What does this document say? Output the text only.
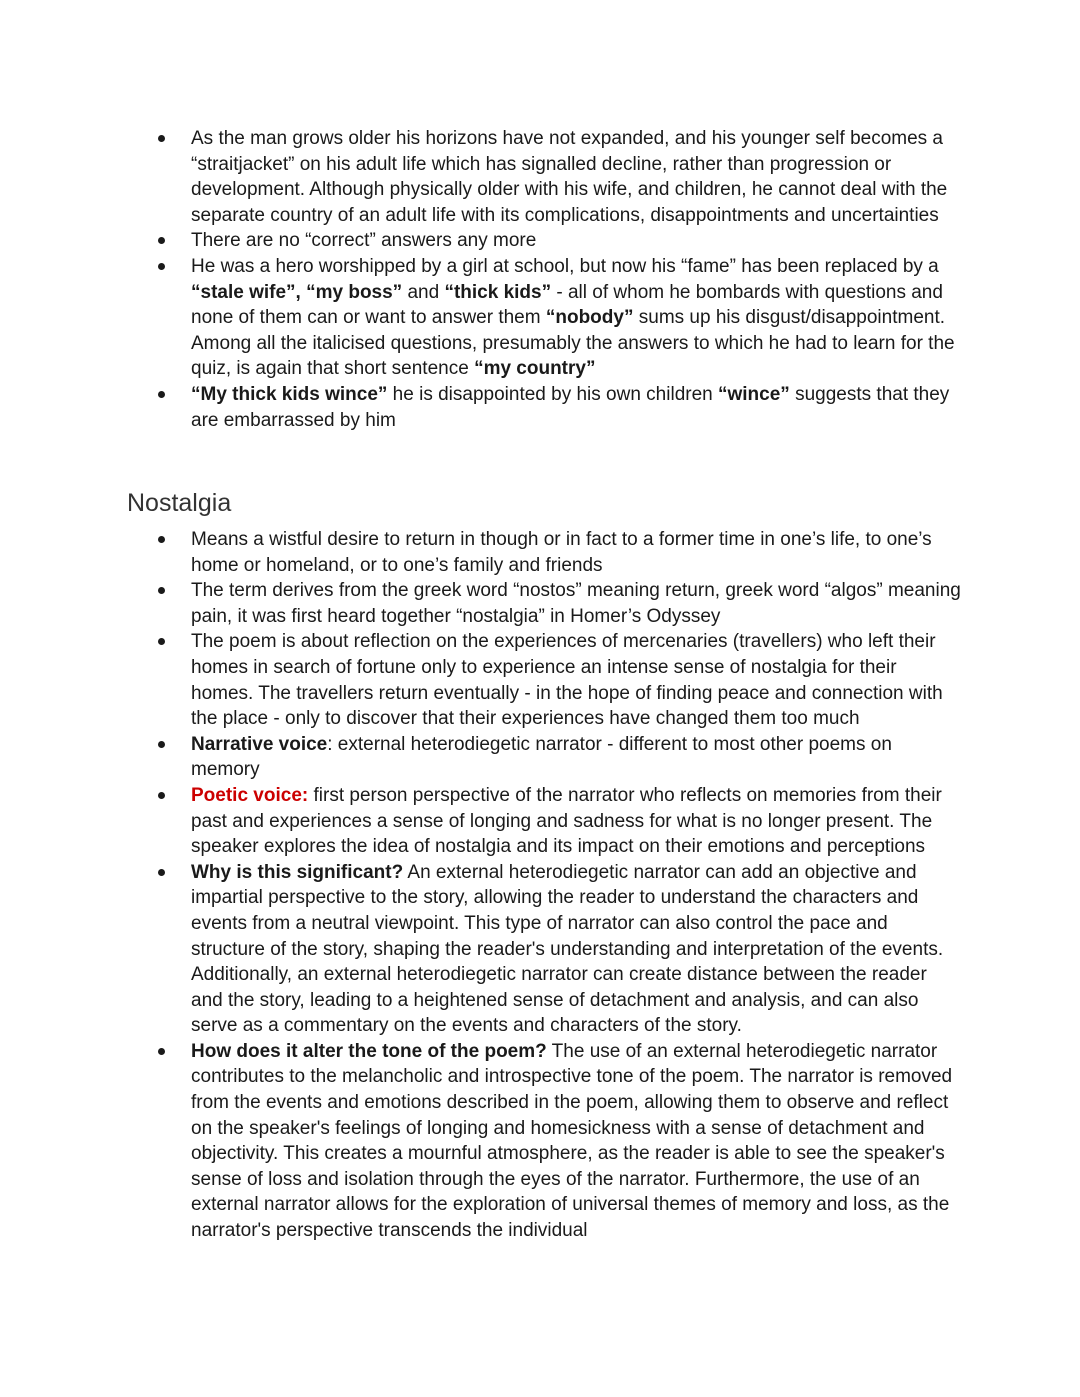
As the man grows older his horizons have not expanded, and his younger self becomes a “straitjacket” on his adult life which has signalled decline, rather than progression or development. Although physically older with his wife, and children, he cannot deal with the separate country of an adult life with its complications, disappointments and uncertainties
There are no “correct” answers any more
He was a hero worshipped by a girl at school, but now his “fame” has been replaced by a “stale wife”, “my boss” and “thick kids” - all of whom he bombards with questions and none of them can or want to answer them “nobody” sums up his disgust/disappointment. Among all the italicised questions, presumably the answers to which he had to learn for the quiz, is again that short sentence “my country”
“My thick kids wince” he is disappointed by his own children “wince” suggests that they are embarrassed by him
Nostalgia
Means a wistful desire to return in though or in fact to a former time in one’s life, to one’s home or homeland, or to one’s family and friends
The term derives from the greek word “nostos” meaning return, greek word “algos” meaning pain, it was first heard together “nostalgia” in Homer’s Odyssey
The poem is about reflection on the experiences of mercenaries (travellers) who left their homes in search of fortune only to experience an intense sense of nostalgia for their homes. The travellers return eventually - in the hope of finding peace and connection with the place - only to discover that their experiences have changed them too much
Narrative voice: external heterodiegetic narrator - different to most other poems on memory
Poetic voice: first person perspective of the narrator who reflects on memories from their past and experiences a sense of longing and sadness for what is no longer present. The speaker explores the idea of nostalgia and its impact on their emotions and perceptions
Why is this significant? An external heterodiegetic narrator can add an objective and impartial perspective to the story, allowing the reader to understand the characters and events from a neutral viewpoint. This type of narrator can also control the pace and structure of the story, shaping the reader's understanding and interpretation of the events. Additionally, an external heterodiegetic narrator can create distance between the reader and the story, leading to a heightened sense of detachment and analysis, and can also serve as a commentary on the events and characters of the story.
How does it alter the tone of the poem? The use of an external heterodiegetic narrator contributes to the melancholic and introspective tone of the poem. The narrator is removed from the events and emotions described in the poem, allowing them to observe and reflect on the speaker's feelings of longing and homesickness with a sense of detachment and objectivity. This creates a mournful atmosphere, as the reader is able to see the speaker's sense of loss and isolation through the eyes of the narrator. Furthermore, the use of an external narrator allows for the exploration of universal themes of memory and loss, as the narrator's perspective transcends the individual
